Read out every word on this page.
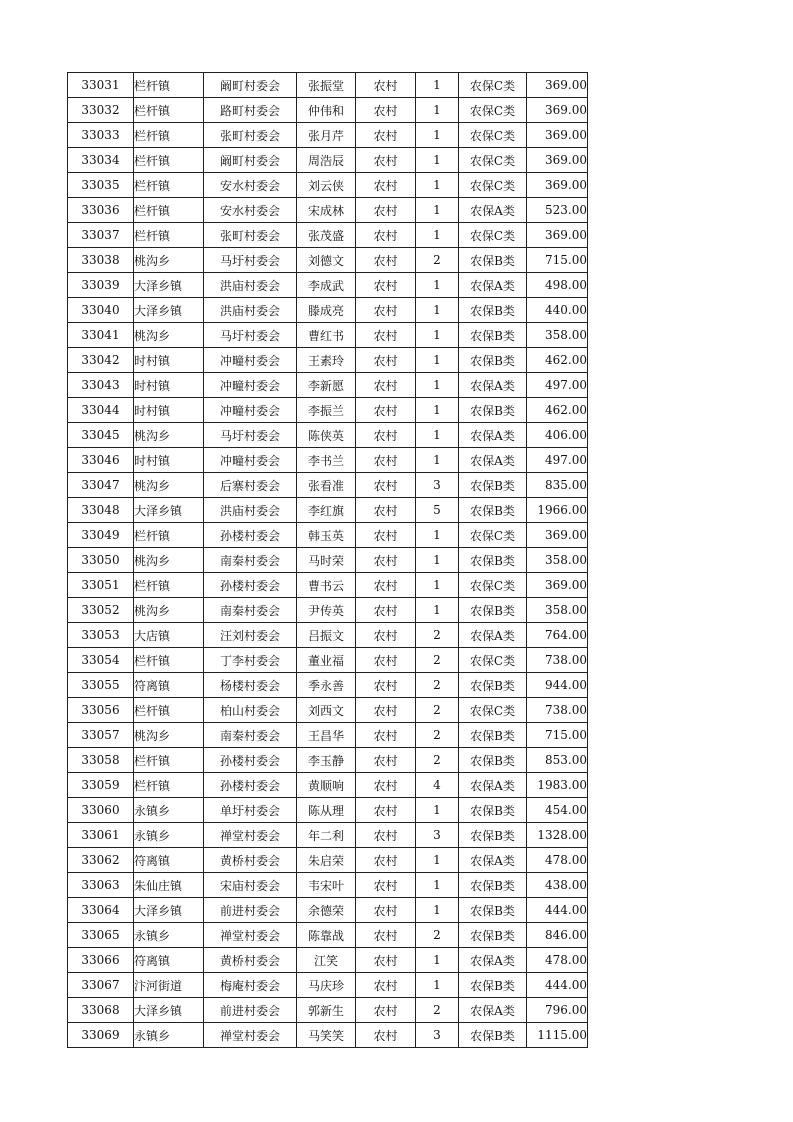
33031	栏杆镇	阚町村委会	张振堂	农村	1	农保C类	369.00
33032	栏杆镇	路町村委会	仲伟和	农村	1	农保C类	369.00
33033	栏杆镇	张町村委会	张月芹	农村	1	农保C类	369.00
33034	栏杆镇	阚町村委会	周浩辰	农村	1	农保C类	369.00
33035	栏杆镇	安水村委会	刘云侠	农村	1	农保C类	369.00
33036	栏杆镇	安水村委会	宋成林	农村	1	农保A类	523.00
33037	栏杆镇	张町村委会	张茂盛	农村	1	农保C类	369.00
33038	桃沟乡	马圩村委会	刘德文	农村	2	农保B类	715.00
33039	大泽乡镇	洪庙村委会	李成武	农村	1	农保A类	498.00
33040	大泽乡镇	洪庙村委会	滕成亮	农村	1	农保B类	440.00
33041	桃沟乡	马圩村委会	曹红书	农村	1	农保B类	358.00
33042	时村镇	冲疃村委会	王素玲	农村	1	农保B类	462.00
33043	时村镇	冲疃村委会	李新愿	农村	1	农保A类	497.00
33044	时村镇	冲疃村委会	李振兰	农村	1	农保B类	462.00
33045	桃沟乡	马圩村委会	陈侠英	农村	1	农保A类	406.00
33046	时村镇	冲疃村委会	李书兰	农村	1	农保A类	497.00
33047	桃沟乡	后寨村委会	张看准	农村	3	农保B类	835.00
33048	大泽乡镇	洪庙村委会	李红旗	农村	5	农保B类	1966.00
33049	栏杆镇	孙楼村委会	韩玉英	农村	1	农保C类	369.00
33050	桃沟乡	南秦村委会	马时荣	农村	1	农保B类	358.00
33051	栏杆镇	孙楼村委会	曹书云	农村	1	农保C类	369.00
33052	桃沟乡	南秦村委会	尹传英	农村	1	农保B类	358.00
33053	大店镇	汪刘村委会	吕振文	农村	2	农保A类	764.00
33054	栏杆镇	丁李村委会	董业福	农村	2	农保C类	738.00
33055	符离镇	杨楼村委会	季永善	农村	2	农保B类	944.00
33056	栏杆镇	柏山村委会	刘西文	农村	2	农保C类	738.00
33057	桃沟乡	南秦村委会	王昌华	农村	2	农保B类	715.00
33058	栏杆镇	孙楼村委会	李玉静	农村	2	农保B类	853.00
33059	栏杆镇	孙楼村委会	黄顺响	农村	4	农保A类	1983.00
33060	永镇乡	单圩村委会	陈从理	农村	1	农保B类	454.00
33061	永镇乡	禅堂村委会	年二利	农村	3	农保B类	1328.00
33062	符离镇	黄桥村委会	朱启荣	农村	1	农保A类	478.00
33063	朱仙庄镇	宋庙村委会	韦宋叶	农村	1	农保B类	438.00
33064	大泽乡镇	前进村委会	余德荣	农村	1	农保B类	444.00
33065	永镇乡	禅堂村委会	陈靠战	农村	2	农保B类	846.00
33066	符离镇	黄桥村委会	江笑	农村	1	农保A类	478.00
33067	汴河街道	梅庵村委会	马庆珍	农村	1	农保B类	444.00
33068	大泽乡镇	前进村委会	郭新生	农村	2	农保A类	796.00
33069	永镇乡	禅堂村委会	马笑笑	农村	3	农保B类	1115.00
